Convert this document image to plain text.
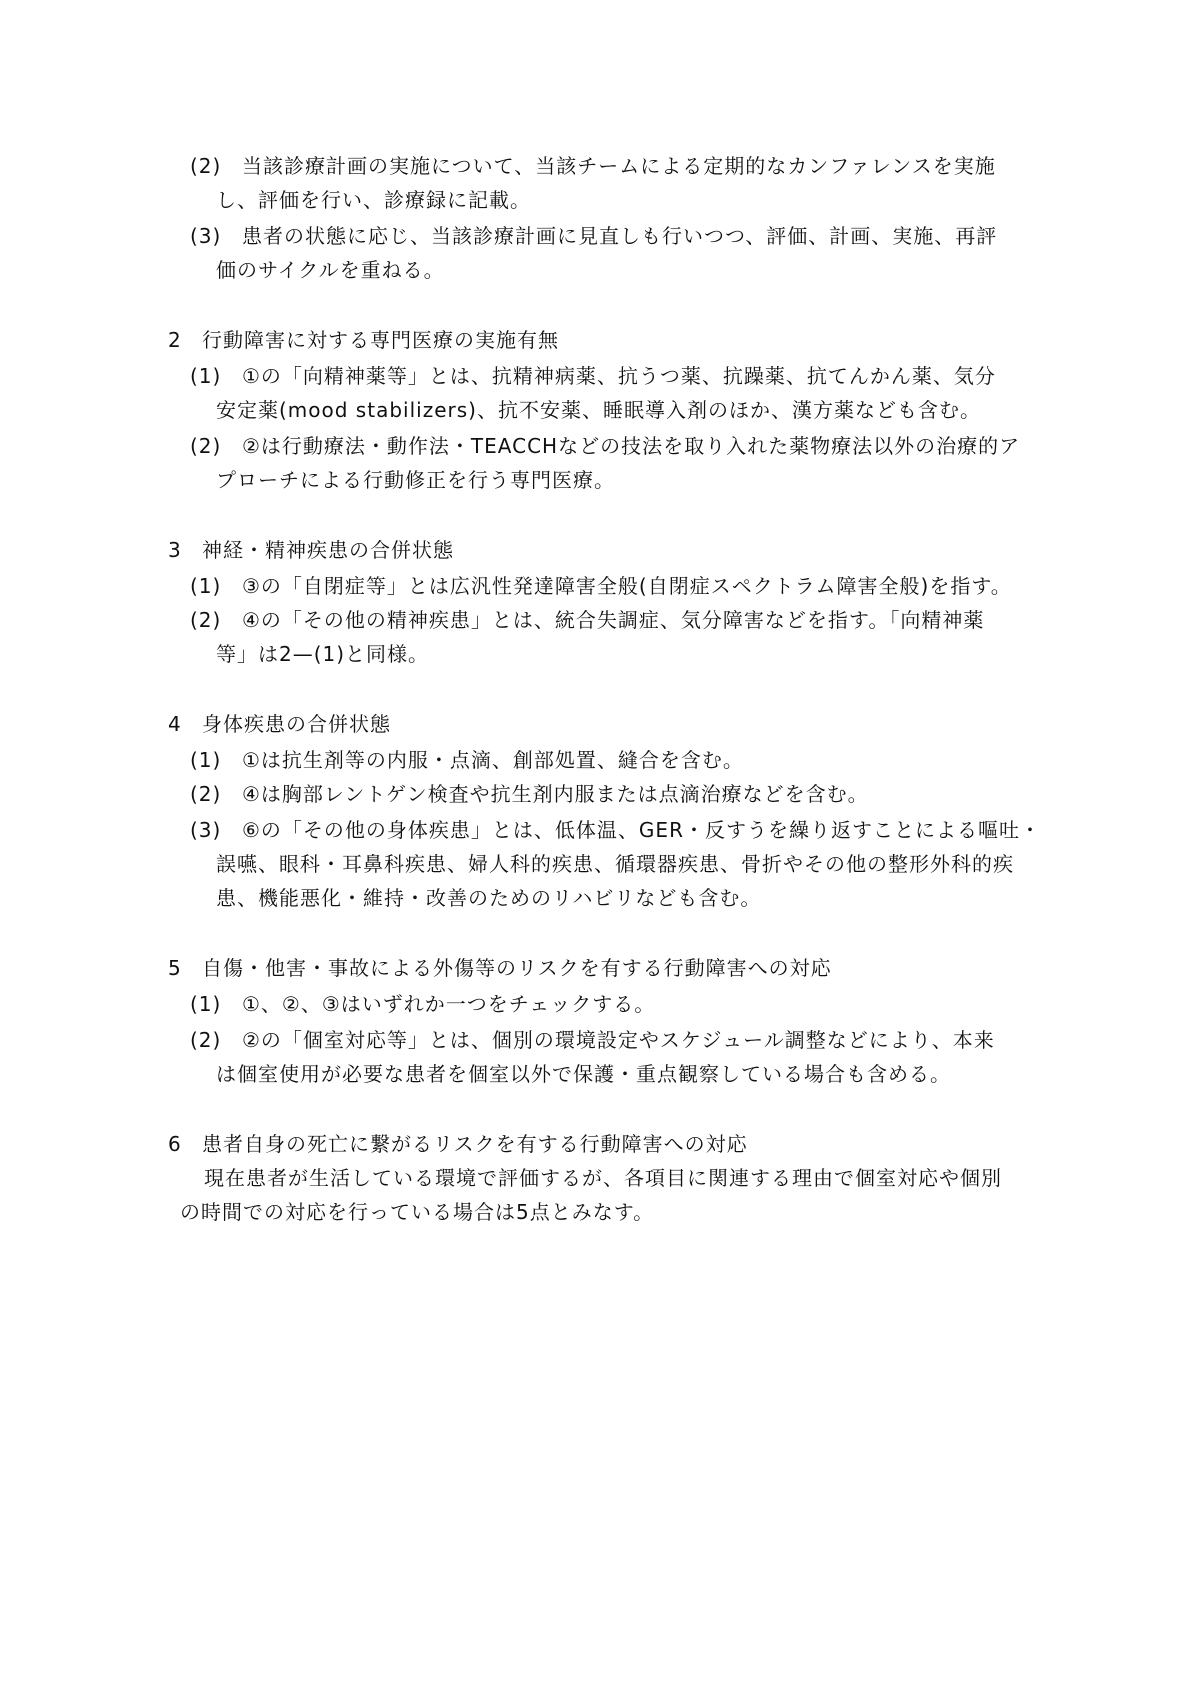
(2) 当該診療計画の実施について、当該チームによる定期的なカンファレンスを実施
し、評価を行い、診療録に記載。
(3) 患者の状態に応じ、当該診療計画に見直しも行いつつ、評価、計画、実施、再評
価のサイクルを重ねる。
2 行動障害に対する専門医療の実施有無
(1) ①の「向精神薬等」とは、抗精神病薬、抗うつ薬、抗躁薬、抗てんかん薬、気分
安定薬(mood stabilizers)、抗不安薬、睡眠導入剤のほか、漢方薬なども含む。
(2) ②は行動療法・動作法・TEACCHなどの技法を取り入れた薬物療法以外の治療的ア
プローチによる行動修正を行う専門医療。
3 神経・精神疾患の合併状態
(1) ③の「自閉症等」とは広汎性発達障害全般(自閉症スペクトラム障害全般)を指す。
(2) ④の「その他の精神疾患」とは、統合失調症、気分障害などを指す。「向精神薬
等」は2—(1)と同様。
4 身体疾患の合併状態
(1) ①は抗生剤等の内服・点滴、創部処置、縫合を含む。
(2) ④は胸部レントゲン検査や抗生剤内服または点滴治療などを含む。
(3) ⑥の「その他の身体疾患」とは、低体温、GER・反すうを繰り返すことによる嘔吐・
誤嚥、眼科・耳鼻科疾患、婦人科的疾患、循環器疾患、骨折やその他の整形外科的疾
患、機能悪化・維持・改善のためのリハビリなども含む。
5 自傷・他害・事故による外傷等のリスクを有する行動障害への対応
(1) ①、②、③はいずれか一つをチェックする。
(2) ②の「個室対応等」とは、個別の環境設定やスケジュール調整などにより、本来
は個室使用が必要な患者を個室以外で保護・重点観察している場合も含める。
6 患者自身の死亡に繋がるリスクを有する行動障害への対応
現在患者が生活している環境で評価するが、各項目に関連する理由で個室対応や個別
の時間での対応を行っている場合は5点とみなす。
